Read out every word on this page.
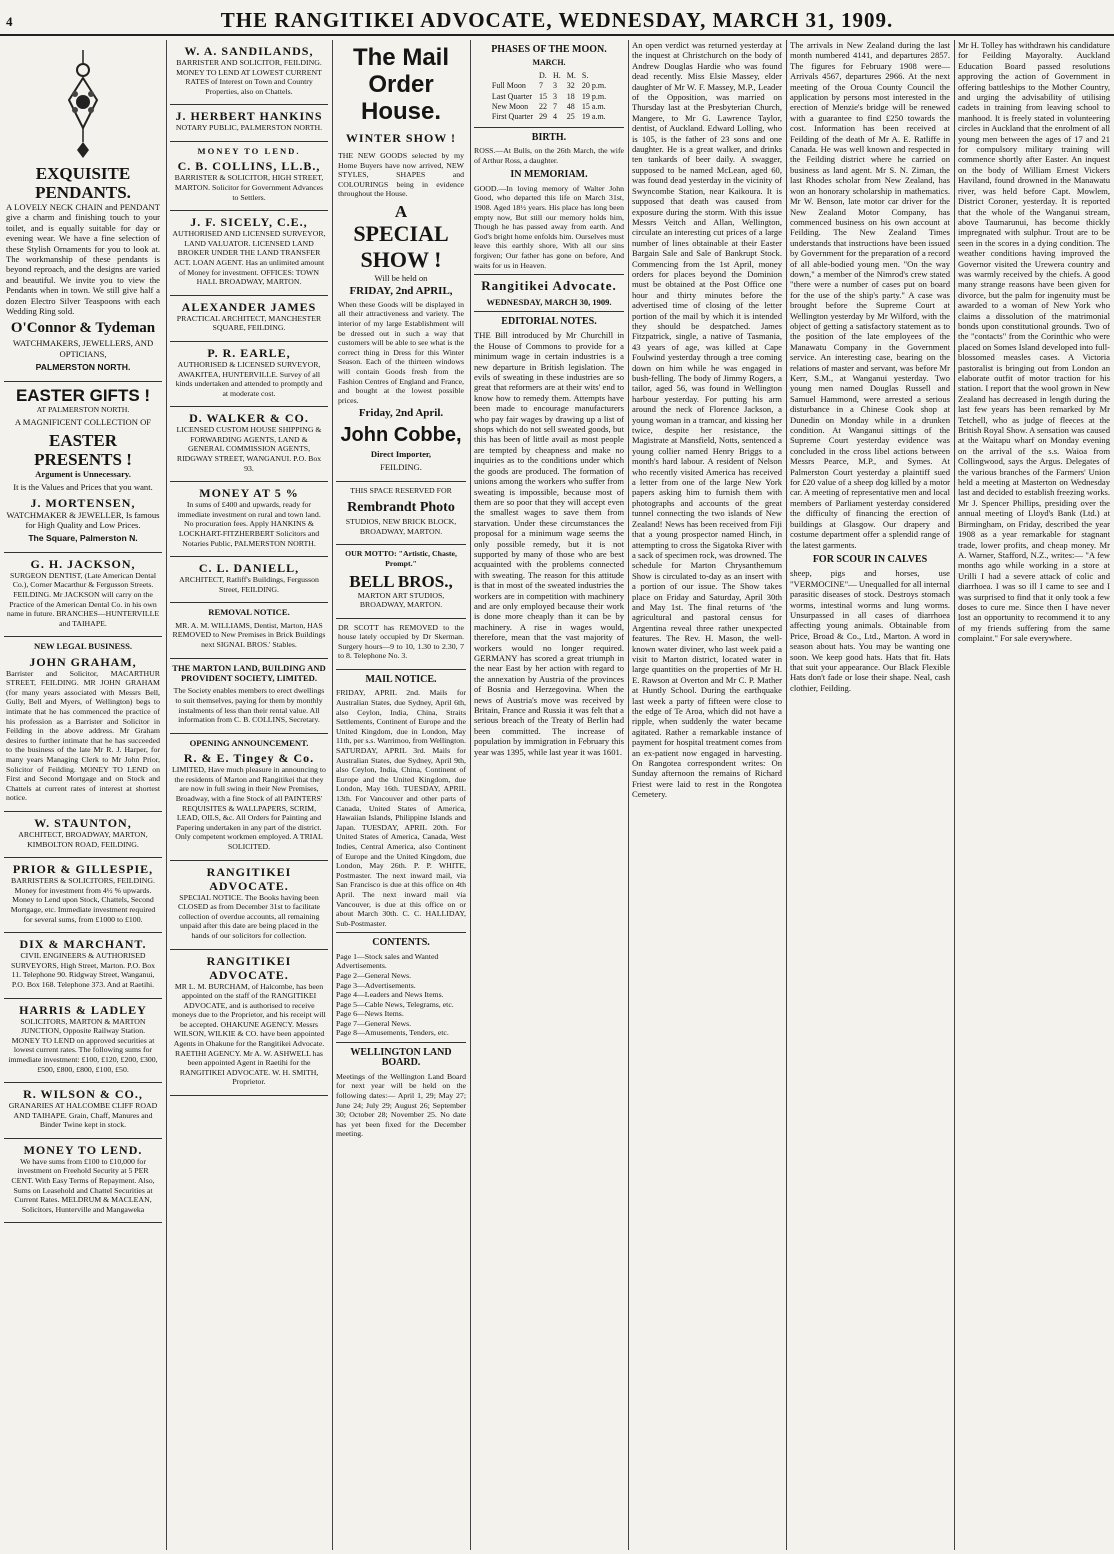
4	THE RANGITIKEI ADVOCATE, WEDNESDAY, MARCH 31, 1909.
EXQUISITE PENDANTS.

A LOVELY NECK CHAIN and PENDANT give a charm and finishing touch to your toilet, and is equally suitable for day or evening wear. We have a fine selection of these Stylish Ornaments for you to look at. The workmanship of these pendants is beyond reproach, and the designs are varied and beautiful. We invite you to view the Pendants when in town. We still give half a dozen Electro Silver Teaspoons with each Wedding Ring sold.

O'Connor & Tydeman

WATCHMAKERS, JEWELLERS, AND OPTICIANS,

PALMERSTON NORTH.

EASTER GIFTS !

AT PALMERSTON NORTH.

A MAGNIFICENT COLLECTION OF

EASTER PRESENTS !

Argument is Unnecessary.

It is the Values and Prices that you want.

J. MORTENSEN,

WATCHMAKER & JEWELLER, Is famous for High Quality and Low Prices.

The Square, Palmerston N.

G. H. JACKSON,

SURGEON DENTIST, (Late American Dental Co.), Corner Macarthur & Fergusson Streets. FEILDING. Mr JACKSON will carry on the Practice of the American Dental Co. in his own name in future. BRANCHES—HUNTERVILLE and TAIHAPE.

NEW LEGAL BUSINESS.

JOHN GRAHAM,

Barrister and Solicitor, MACARTHUR STREET, FEILDING. MR JOHN GRAHAM (for many years associated with Messrs Bell, Gully, Bell and Myers, of Wellington) begs to intimate that he has commenced the practice of his profession as a Barrister and Solicitor in Feilding in the above address. Mr Graham desires to further intimate that he has succeeded to the business of the late Mr R. J. Harper, for many years Managing Clerk to Mr John Prior, Solicitor of Feilding. MONEY TO LEND on First and Second Mortgage and on Stock and Chattels at current rates of interest at shortest notice.

W. STAUNTON,

ARCHITECT, BROADWAY, MARTON, KIMBOLTON ROAD, FEILDING.

PRIOR & GILLESPIE,

BARRISTERS & SOLICITORS, FEILDING. Money for investment from 4½ % upwards. Money to Lend upon Stock, Chattels, Second Mortgage, etc. Immediate investment required for several sums, from £1000 to £100.

DIX & MARCHANT.

CIVIL ENGINEERS & AUTHORISED SURVEYORS, High Street, Marton. P.O. Box 11. Telephone 90. Ridgway Street, Wanganui, P.O. Box 168. Telephone 373. And at Raetihi.

HARRIS & LADLEY

SOLICITORS, MARTON & MARTON JUNCTION, Opposite Railway Station. MONEY TO LEND on approved securities at lowest current rates. The following sums for immediate investment: £100, £120, £200, £300, £500, £800, £800, £100, £50.

R. WILSON & CO.,

GRANARIES AT HALCOMBE CLIFF ROAD AND TAIHAPE. Grain, Chaff, Manures and Binder Twine kept in stock.

MONEY TO LEND.

We have sums from £100 to £10,000 for investment on Freehold Security at 5 PER CENT. With Easy Terms of Repayment. Also, Sums on Leasehold and Chattel Securities at Current Rates. MELDRUM & MACLEAN, Solicitors, Hunterville and Mangaweka

W. A. SANDILANDS,

BARRISTER AND SOLICITOR, FEILDING. MONEY TO LEND AT LOWEST CURRENT RATES of Interest on Town and Country Properties, also on Chattels.

J. HERBERT HANKINS

NOTARY PUBLIC, PALMERSTON NORTH.

MONEY TO LEND.

C. B. COLLINS, LL.B.,

BARRISTER & SOLICITOR, HIGH STREET, MARTON. Solicitor for Government Advances to Settlers.

J. F. SICELY, C.E.,

AUTHORISED AND LICENSED SURVEYOR, LAND VALUATOR. LICENSED LAND BROKER UNDER THE LAND TRANSFER ACT. LOAN AGENT. Has an unlimited amount of Money for investment. OFFICES: TOWN HALL BROADWAY, MARTON.

ALEXANDER JAMES

PRACTICAL ARCHITECT, MANCHESTER SQUARE, FEILDING.

P. R. EARLE,

AUTHORISED & LICENSED SURVEYOR, AWAKITEA, HUNTERVILLE. Survey of all kinds undertaken and attended to promptly and at moderate cost.

D. WALKER & CO.

LICENSED CUSTOM HOUSE SHIPPING & FORWARDING AGENTS, LAND & GENERAL COMMISSION AGENTS, RIDGWAY STREET, WANGANUI. P.O. Box 93.

MONEY AT 5 %

In sums of £400 and upwards, ready for immediate investment on rural and town land. No procuration fees. Apply HANKINS & LOCKHART-FITZHERBERT Solicitors and Notaries Public, PALMERSTON NORTH.

C. L. DANIELL,

ARCHITECT, Ratliff's Buildings, Fergusson Street, FEILDING.

REMOVAL NOTICE.

MR. A. M. WILLIAMS, Dentist, Marton, HAS REMOVED to New Premises in Brick Buildings next SIGNAL BROS.' Stables.

THE MARTON LAND, BUILDING AND PROVIDENT SOCIETY, LIMITED.

The Society enables members to erect dwellings to suit themselves, paying for them by monthly instalments of less than their rental value. All information from C. B. COLLINS, Secretary.

OPENING ANNOUNCEMENT.

R. & E. Tingey & Co.

LIMITED, Have much pleasure in announcing to the residents of Marton and Rangitikei that they are now in full swing in their New Premises, Broadway, with a fine Stock of all PAINTERS' REQUISITES & WALLPAPERS, SCRIM, LEAD, OILS, &c. All Orders for Painting and Papering undertaken in any part of the district. Only competent workmen employed. A TRIAL SOLICITED.

RANGITIKEI ADVOCATE.

SPECIAL NOTICE. The Books having been CLOSED as from December 31st to facilitate collection of overdue accounts, all remaining unpaid after this date are being placed in the hands of our solicitors for collection.

RANGITIKEI ADVOCATE.

MR L. M. BURCHAM, of Halcombe, has been appointed on the staff of the RANGITIKEI ADVOCATE, and is authorised to receive moneys due to the Proprietor, and his receipt will be accepted. OHAKUNE AGENCY. Messrs WILSON, WILKIE & CO. have been appointed Agents in Ohakune for the Rangitikei Advocate. RAETIHI AGENCY. Mr A. W. ASHWELL has been appointed Agent in Raetihi for the RANGITIKEI ADVOCATE. W. H. SMITH, Proprietor.

The Mail Order House.
WINTER SHOW !

THE NEW GOODS selected by my Home Buyers have now arrived, NEW STYLES, SHAPES and COLOURINGS being in evidence throughout the House.

A
SPECIAL SHOW !

Will be held on

FRIDAY, 2nd APRIL,

When these Goods will be displayed in all their attractiveness and variety. The interior of my large Establishment will be dressed out in such a way that customers will be able to see what is the correct thing in Dress for this Winter Season. Each of the thirteen windows will contain Goods fresh from the Fashion Centres of England and France, and bought at the lowest possible prices.

Friday, 2nd April.

John Cobbe,

Direct Importer,

FEILDING.

THIS SPACE RESERVED FOR

Rembrandt Photo

STUDIOS, NEW BRICK BLOCK, BROADWAY, MARTON.

OUR MOTTO: "Artistic, Chaste, Prompt."

BELL BROS.,

MARTON ART STUDIOS, BROADWAY, MARTON.

DR SCOTT has REMOVED to the house lately occupied by Dr Skerman. Surgery hours—9 to 10, 1.30 to 2.30, 7 to 8. Telephone No. 3.

MAIL NOTICE.

FRIDAY, APRIL 2nd. Mails for Australian States, due Sydney, April 6th, also Ceylon, India, China, Straits Settlements, Continent of Europe and the United Kingdom, due in London, May 11th, per s.s. Warrimoo, from Wellington. SATURDAY, APRIL 3rd. Mails for Australian States, due Sydney, April 9th, also Ceylon, India, China, Continent of Europe and the United Kingdom, due London, May 16th. TUESDAY, APRIL 13th. For Vancouver and other parts of Canada, United States of America, Hawaiian Islands, Philippine Islands and Japan. TUESDAY, APRIL 20th. For United States of America, Canada, West Indies, Central America, also Continent of Europe and the United Kingdom, due London, May 26th. P. P. WHITE, Postmaster. The next inward mail, via San Francisco is due at this office on 4th April. The next inward mail via Vancouver, is due at this office on or about March 30th. C. C. HALLIDAY, Sub-Postmaster.

CONTENTS.
Page 1—Stock sales and Wanted Advertisements.
Page 2—General News.
Page 3—Advertisements.
Page 4—Leaders and News Items.
Page 5—Cable News, Telegrams, etc.
Page 6—News Items.
Page 7—General News.
Page 8—Amusements, Tenders, etc.
WELLINGTON LAND BOARD.

Meetings of the Wellington Land Board for next year will be held on the following dates:— April 1, 29; May 27; June 24; July 29; August 26; September 30; October 28; November 25. No date has yet been fixed for the December meeting.

PHASES OF THE MOON.
MARCH.
	D.	H.	M.	S.
Full Moon	7	3	32	20 p.m.
Last Quarter	15	3	18	19 p.m.
New Moon	22	7	48	15 a.m.
First Quarter	29	4	25	19 a.m.
BIRTH.

ROSS.—At Bulls, on the 26th March, the wife of Arthur Ross, a daughter.

IN MEMORIAM.

GOOD.—In loving memory of Walter John Good, who departed this life on March 31st, 1908. Aged 18½ years. His place has long been empty now, But still our memory holds him, Though he has passed away from earth. And God's bright home enfolds him. Ourselves must leave this earthly shore, With all our sins forgiven; Our father has gone on before, And waits for us in Heaven.

Rangitikei Advocate.
WEDNESDAY, MARCH 30, 1909.
EDITORIAL NOTES.

THE Bill introduced by Mr Churchill in the House of Commons to provide for a minimum wage in certain industries is a new departure in British legislation. The evils of sweating in these industries are so great that reformers are at their wits' end to know how to remedy them. Attempts have been made to encourage manufacturers who pay fair wages by drawing up a list of shops which do not sell sweated goods, but this has been of little avail as most people are tempted by cheapness and make no inquiries as to the conditions under which the goods are produced. The formation of unions among the workers who suffer from sweating is impossible, because most of them are so poor that they will accept even the smallest wages to save them from starvation. Under these circumstances the proposal for a minimum wage seems the only possible remedy, but it is not supported by many of those who are best acquainted with the problems connected with sweating. The reason for this attitude is that in most of the sweated industries the workers are in competition with machinery and are only employed because their work is done more cheaply than it can be by machinery. A rise in wages would, therefore, mean that the vast majority of workers would no longer required. GERMANY has scored a great triumph in the near East by her action with regard to the annexation by Austria of the provinces of Bosnia and Herzegovina. When the news of Austria's move was received by Britain, France and Russia it was felt that a serious breach of the Treaty of Berlin had been committed. The increase of population by immigration in February this year was 1395, while last year it was 1601.

An open verdict was returned yesterday at the inquest at Christchurch on the body of Andrew Douglas Hardie who was found dead recently. Miss Elsie Massey, elder daughter of Mr W. F. Massey, M.P., Leader of the Opposition, was married on Thursday last at the Presbyterian Church, Mangere, to Mr G. Lawrence Taylor, dentist, of Auckland. Edward Lolling, who is 105, is the father of 23 sons and one daughter. He is a great walker, and drinks ten tankards of beer daily. A swagger, supposed to be named McLean, aged 60, was found dead yesterday in the vicinity of Swyncombe Station, near Kaikoura. It is supposed that death was caused from exposure during the storm. With this issue Messrs Veitch and Allan, Wellington, circulate an interesting cut prices of a large number of lines obtainable at their Easter Bargain Sale and Sale of Bankrupt Stock. Commencing from the 1st April, money orders for places beyond the Dominion must be obtained at the Post Office one hour and thirty minutes before the advertised time of closing of the letter portion of the mail by which it is intended they should be despatched. James Fitzpatrick, single, a native of Tasmania, 43 years of age, was killed at Cape Foulwind yesterday through a tree coming down on him while he was engaged in bush-felling. The body of Jimmy Rogers, a tailor, aged 56, was found in Wellington harbour yesterday. For putting his arm around the neck of Florence Jackson, a young woman in a tramcar, and kissing her twice, despite her resistance, the Magistrate at Mansfield, Notts, sentenced a young collier named Henry Briggs to a month's hard labour. A resident of Nelson who recently visited America has received a letter from one of the large New York papers asking him to furnish them with photographs and accounts of the great tunnel connecting the two islands of New Zealand! News has been received from Fiji that a young prospector named Hinch, in attempting to cross the Sigatoka River with a sack of specimen rock, was drowned. The schedule for Marton Chrysanthemum Show is circulated to-day as an insert with a portion of our issue. The Show takes place on Friday and Saturday, April 30th and May 1st. The final returns of 'the agricultural and pastoral census for Argentina reveal three rather unexpected features. The Rev. H. Mason, the well-known water diviner, who last week paid a visit to Marton district, located water in large quantities on the properties of Mr H. E. Rawson at Overton and Mr C. P. Mather at Huntly School. During the earthquake last week a party of fifteen were close to the edge of Te Aroa, which did not have a ripple, when suddenly the water became agitated. Rather a remarkable instance of payment for hospital treatment comes from an ex-patient now engaged in harvesting. On Rangotea correspondent writes: On Sunday afternoon the remains of Richard Friest were laid to rest in the Rongotea Cemetery.

The arrivals in New Zealand during the last month numbered 4141, and departures 2857. The figures for February 1908 were— Arrivals 4567, departures 2966. At the next meeting of the Oroua County Council the application by persons most interested in the erection of Menzie's bridge will be renewed with a guarantee to find £250 towards the cost. Information has been received at Feilding of the death of Mr A. E. Ratliffe in Canada. He was well known and respected in the Feilding district where he carried on business as land agent. Mr S. N. Ziman, the last Rhodes scholar from New Zealand, has won an honorary scholarship in mathematics. Mr W. Benson, late motor car driver for the New Zealand Motor Company, has commenced business on his own account at Feilding. The New Zealand Times understands that instructions have been issued by Government for the preparation of a record of all able-bodied young men. "On the way down," a member of the Nimrod's crew stated "there were a number of cases put on board for the use of the ship's party." A case was brought before the Supreme Court at Wellington yesterday by Mr Wilford, with the object of getting a satisfactory statement as to the position of the late employees of the Manawatu Company in the Government service. An interesting case, bearing on the relations of master and servant, was before Mr Kerr, S.M., at Wanganui yesterday. Two young men named Douglas Russell and Samuel Hammond, were arrested a serious disturbance in a Chinese Cook shop at Dunedin on Monday while in a drunken condition. At Wanganui sittings of the Supreme Court yesterday evidence was concluded in the cross libel actions between Messrs Pearce, M.P., and Symes. At Palmerston Court yesterday a plaintiff sued for £20 value of a sheep dog killed by a motor car. A meeting of representative men and local members of Parliament yesterday considered the difficulty of financing the erection of buildings at Glasgow. Our drapery and costume department offer a splendid range of the latest garments.

FOR SCOUR IN CALVES

sheep, pigs and horses, use "VERMOCINE"— Unequalled for all internal parasitic diseases of stock. Destroys stomach worms, intestinal worms and lung worms. Unsurpassed in all cases of diarrhoea affecting young animals. Obtainable from Price, Broad & Co., Ltd., Marton. A word in season about hats. You may be wanting one soon. We keep good hats. Hats that fit. Hats that suit your appearance. Our Black Flexible Hats don't fade or lose their shape. Neal, cash clothier, Feilding.

Mr H. Tolley has withdrawn his candidature for Feilding Mayoralty. Auckland Education Board passed resolutions approving the action of Government in offering battleships to the Mother Country, and urging the advisability of utilising cadets in training from leaving school to manhood. It is freely stated in volunteering circles in Auckland that the enrolment of all young men between the ages of 17 and 21 for compulsory military training will commence shortly after Easter. An inquest on the body of William Ernest Vickers Haviland, found drowned in the Manawatu river, was held before Capt. Mowlem, District Coroner, yesterday. It is reported that the whole of the Wanganui stream, above Taumarunui, has become thickly impregnated with sulphur. Trout are to be seen in the scores in a dying condition. The weather conditions having improved the Governor visited the Urewera country and was warmly received by the chiefs. A good many strange reasons have been given for divorce, but the palm for ingenuity must be awarded to a woman of New York who claims a dissolution of the matrimonial bonds upon constitutional grounds. Two of the "contacts" from the Corinthic who were placed on Somes Island developed into full-blossomed measles cases. A Victoria pastoralist is bringing out from London an elaborate outfit of motor traction for his station. I report that the wool grown in New Zealand has decreased in length during the last few years has been remarked by Mr Tetchell, who as judge of fleeces at the British Royal Show. A sensation was caused at the Waitapu wharf on Monday evening on the arrival of the s.s. Waioa from Collingwood, says the Argus. Delegates of the various branches of the Farmers' Union held a meeting at Masterton on Wednesday last and decided to establish freezing works. Mr J. Spencer Phillips, presiding over the annual meeting of Lloyd's Bank (Ltd.) at Birmingham, on Friday, described the year 1908 as a year remarkable for stagnant trade, lower profits, and cheap money. Mr A. Warner, Stafford, N.Z., writes:— "A few months ago while working in a store at Urilli I had a severe attack of colic and diarrhoea. I was so ill I came to see and I was surprised to find that it only took a few doses to cure me. Since then I have never lost an opportunity to recommend it to any of my friends suffering from the same complaint." For sale everywhere.
